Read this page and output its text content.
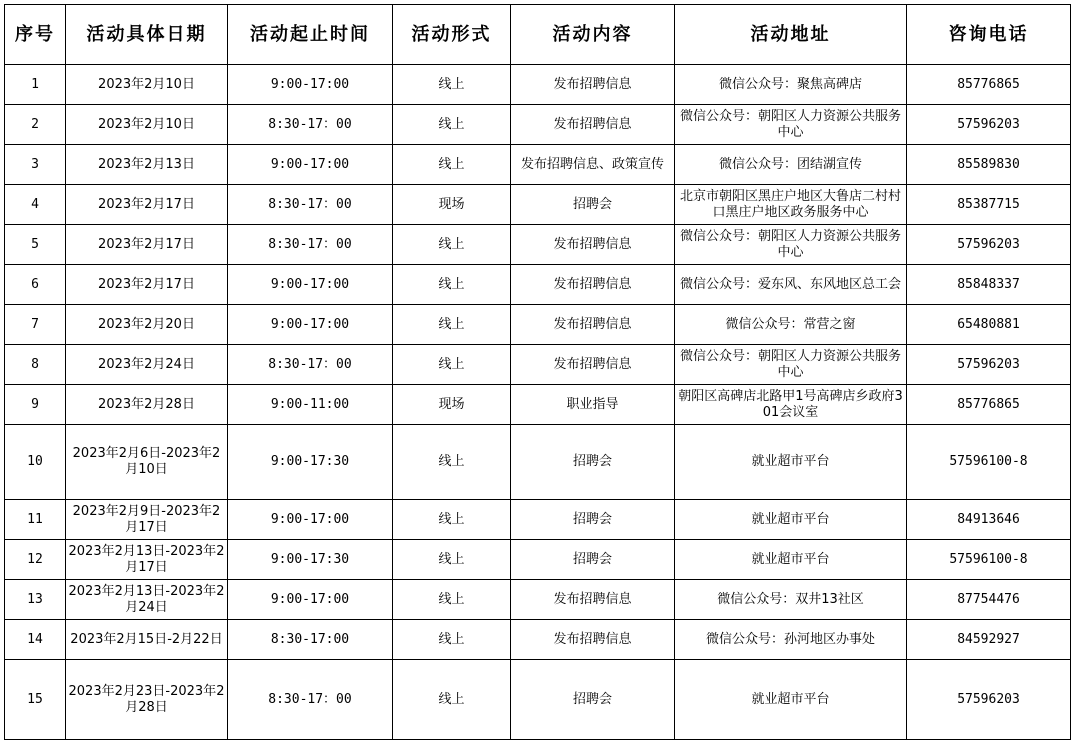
序号	活动具体日期	活动起止时间	活动形式	活动内容	活动地址	咨询电话
1	2023年2月10日	9:00-17:00	线上	发布招聘信息	微信公众号：聚焦高碑店	85776865
2	2023年2月10日	8:30-17：00	线上	发布招聘信息	微信公众号：朝阳区人力资源公共服务中心	57596203
3	2023年2月13日	9:00-17:00	线上	发布招聘信息、政策宣传	微信公众号：团结湖宣传	85589830
4	2023年2月17日	8:30-17：00	现场	招聘会	北京市朝阳区黑庄户地区大鲁店二村村口黑庄户地区政务服务中心	85387715
5	2023年2月17日	8:30-17：00	线上	发布招聘信息	微信公众号：朝阳区人力资源公共服务中心	57596203
6	2023年2月17日	9:00-17:00	线上	发布招聘信息	微信公众号：爱东风、东风地区总工会	85848337
7	2023年2月20日	9:00-17:00	线上	发布招聘信息	微信公众号：常营之窗	65480881
8	2023年2月24日	8:30-17：00	线上	发布招聘信息	微信公众号：朝阳区人力资源公共服务中心	57596203
9	2023年2月28日	9:00-11:00	现场	职业指导	朝阳区高碑店北路甲1号高碑店乡政府301会议室	85776865
10	2023年2月6日-2023年2月10日	9:00-17:30	线上	招聘会	就业超市平台	57596100-8
11	2023年2月9日-2023年2月17日	9:00-17:00	线上	招聘会	就业超市平台	84913646
12	2023年2月13日-2023年2月17日	9:00-17:30	线上	招聘会	就业超市平台	57596100-8
13	2023年2月13日-2023年2月24日	9:00-17:00	线上	发布招聘信息	微信公众号：双井13社区	87754476
14	2023年2月15日-2月22日	8:30-17:00	线上	发布招聘信息	微信公众号：孙河地区办事处	84592927
15	2023年2月23日-2023年2月28日	8:30-17：00	线上	招聘会	就业超市平台	57596203
